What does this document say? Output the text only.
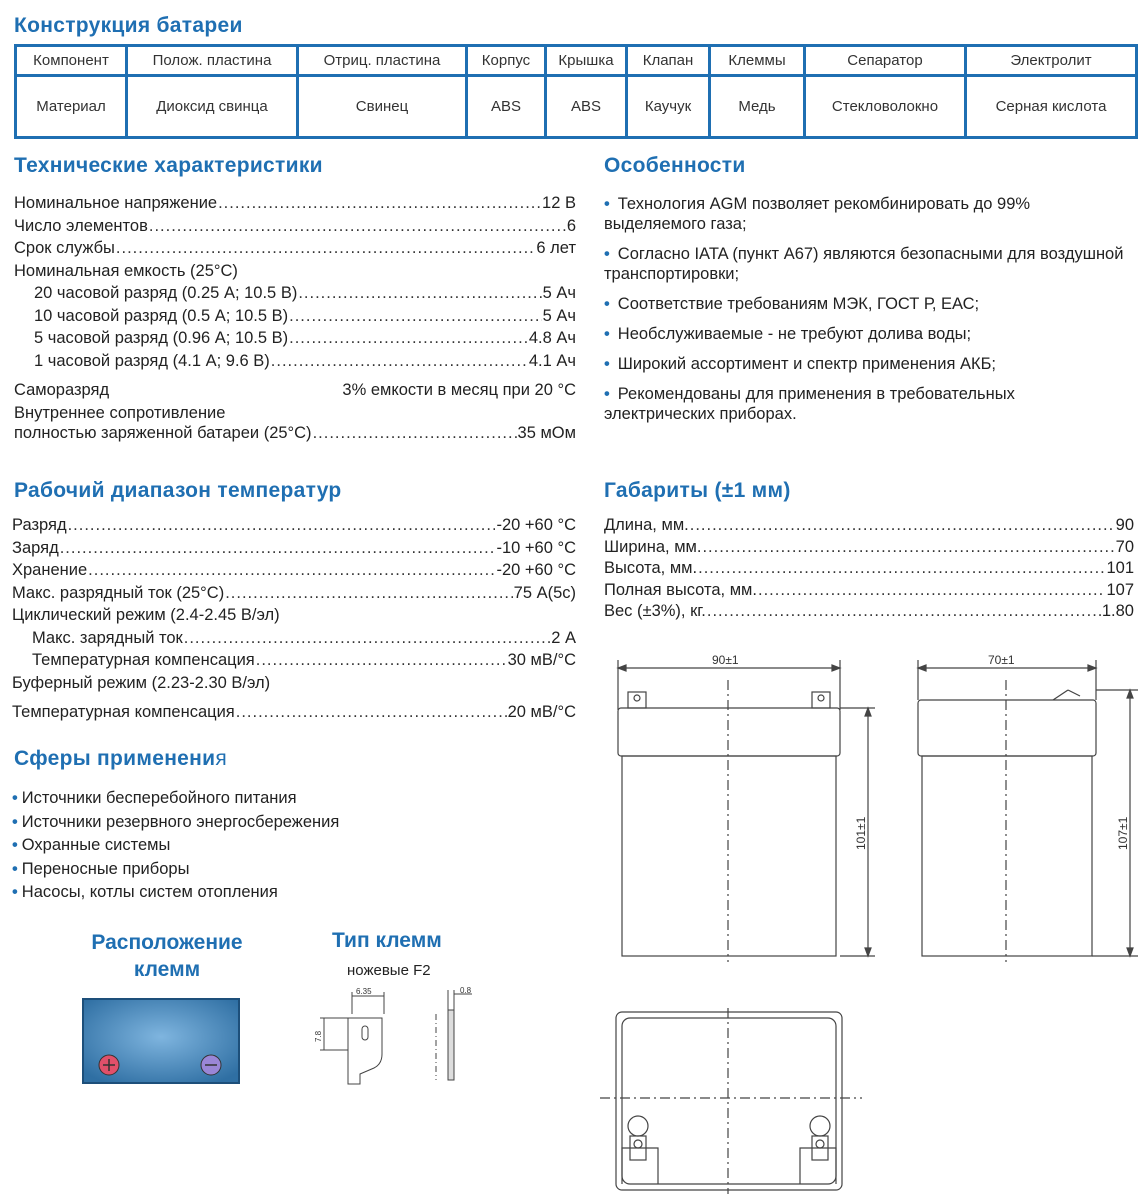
Конструкция батареи
Компонент	Полож. пластина	Отриц. пластина	Корпус	Крышка	Клапан	Клеммы	Сепаратор	Электролит
Материал	Диоксид свинца	Свинец	ABS	ABS	Каучук	Медь	Стекловолокно	Серная кислота
Технические характеристики
Номинальное напряжение .....	12 В
Число элементов .....	6
Срок службы .....	6 лет
Номинальная емкость (25°С)
20 часовой разряд (0.25 А; 10.5 В) .....	5 Ач
10 часовой разряд (0.5 А; 10.5 В) .....	5 Ач
5 часовой разряд (0.96 А; 10.5 В) .....	4.8 Ач
1 часовой разряд (4.1 А; 9.6 В) .....	4.1 Ач
Саморазряд	3% емкости в месяц при 20 °С
Внутреннее сопротивление
полностью заряженной батареи (25°С) .....	35 мОм
Особенности
• Технология AGM позволяет рекомбинировать до 99% выделяемого газа;
• Согласно IATA (пункт А67) являются безопасными для воздушной транспортировки;
• Соответствие требованиям МЭК, ГОСТ Р, ЕАС;
• Необслуживаемые - не требуют долива воды;
• Широкий ассортимент и спектр применения АКБ;
• Рекомендованы для применения в требовательных электрических приборах.
Рабочий диапазон температур
Разряд .....	-20 +60 °С
Заряд .....	-10 +60 °С
Хранение .....	-20 +60 °С
Макс. разрядный ток (25°С) .....	75 А(5с)
Циклический режим (2.4-2.45 В/эл)
Макс. зарядный ток .....	2 А
Температурная компенсация .....	30 мВ/°С
Буферный режим (2.23-2.30 В/эл)
Температурная компенсация .....	20 мВ/°С
Габариты (±1 мм)
Длина, мм. .....	90
Ширина, мм. .....	70
Высота, мм. .....	101
Полная высота, мм. .....	107
Вес (±3%), кг. .....	1.80
90±1
101±1
70±1
107±1
Сферы применения
• Источники бесперебойного питания
• Источники резервного энергосбережения
• Охранные системы
• Переносные приборы
• Насосы, котлы систем отопления
Расположение
клемм
Тип клемм
ножевые F2
6.35
7.8
0.8
